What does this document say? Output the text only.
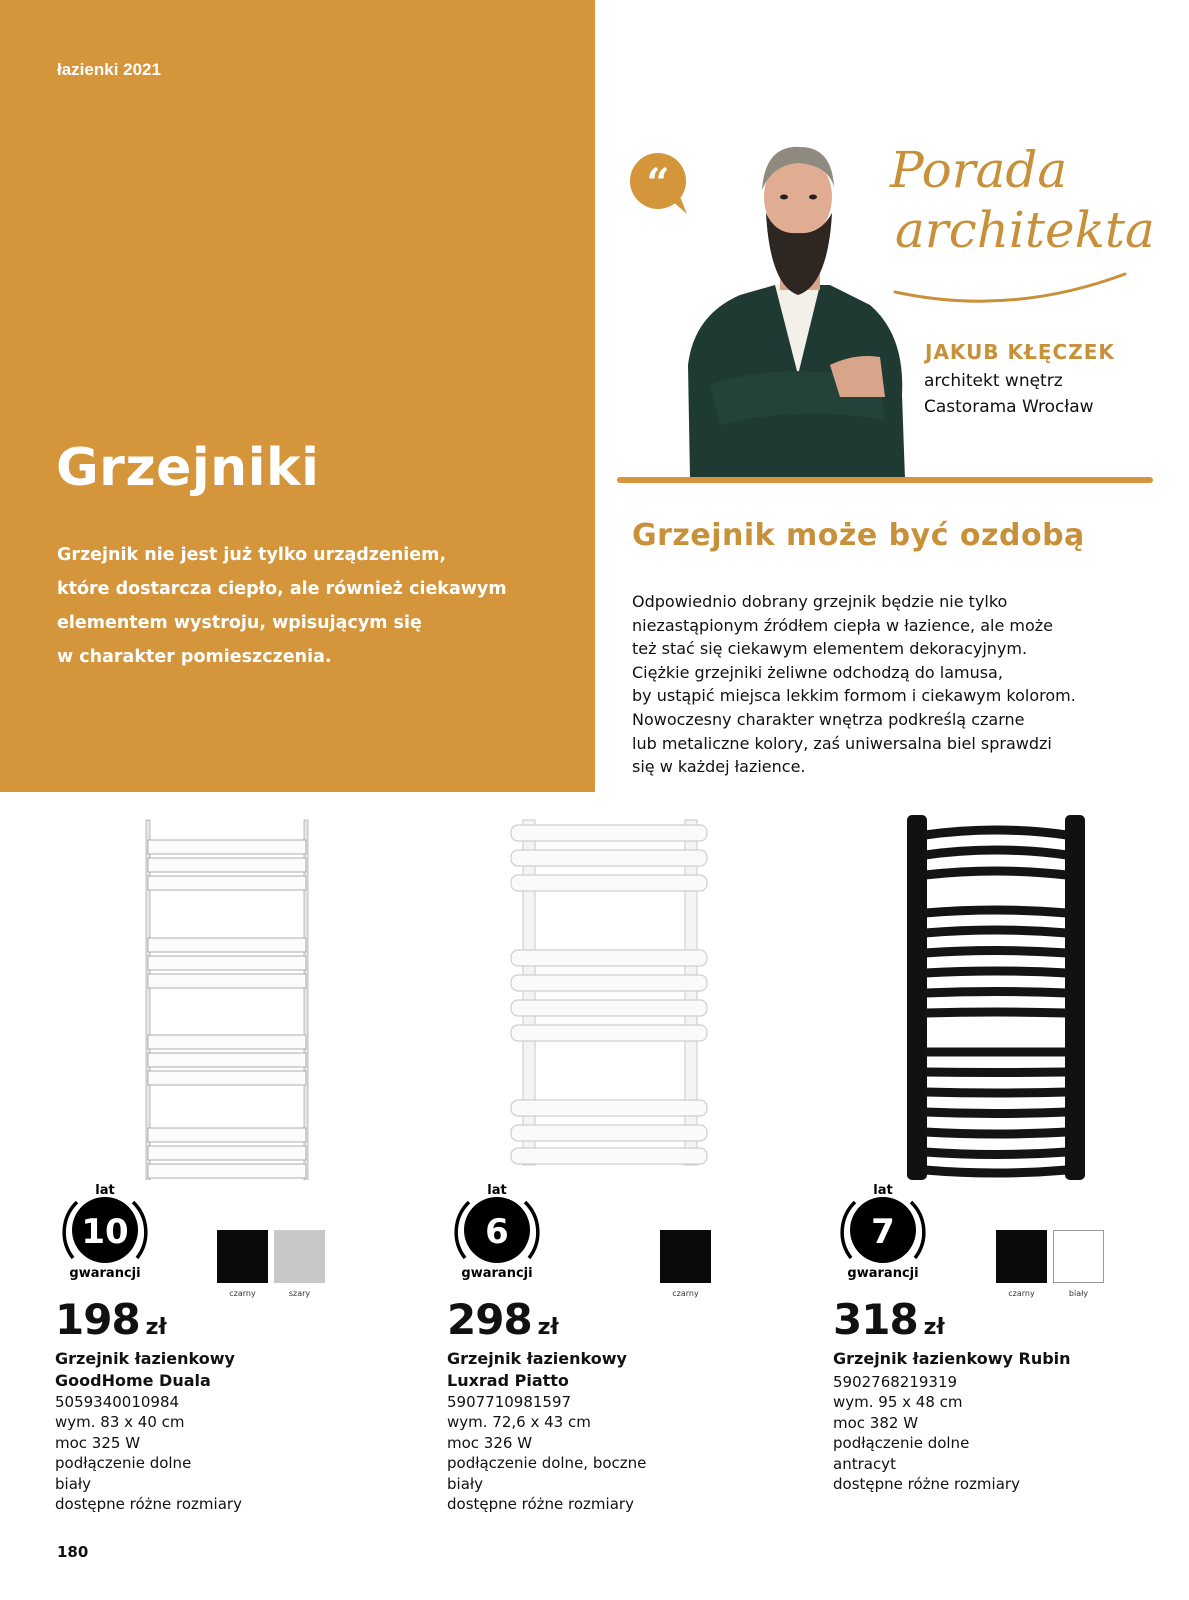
łazienki 2021
Grzejniki
Grzejnik nie jest już tylko urządzeniem,
które dostarcza ciepło, ale również ciekawym
elementem wystroju, wpisującym się
w charakter pomieszczenia.
“	Porada
architekta
JAKUB KŁĘCZEK
architekt wnętrz
Castorama Wrocław
Grzejnik może być ozdobą
Odpowiednio dobrany grzejnik będzie nie tylko
niezastąpionym źródłem ciepła w łazience, ale może
też stać się ciekawym elementem dekoracyjnym.
Ciężkie grzejniki żeliwne odchodzą do lamusa,
by ustąpić miejsca lekkim formom i ciekawym kolorom.
Nowoczesny charakter wnętrza podkreślą czarne
lub metaliczne kolory, zaś uniwersalna biel sprawdzi
się w każdej łazience.
lat
10
gwarancji
czarny	szary
198 zł
Grzejnik łazienkowy
GoodHome Duala
5059340010984
wym. 83 x 40 cm
moc 325 W
podłączenie dolne
biały
dostępne różne rozmiary
lat
6
gwarancji
czarny
298 zł
Grzejnik łazienkowy
Luxrad Piatto
5907710981597
wym. 72,6 x 43 cm
moc 326 W
podłączenie dolne, boczne
biały
dostępne różne rozmiary
lat
7
gwarancji
czarny	biały
318 zł
Grzejnik łazienkowy Rubin
5902768219319
wym. 95 x 48 cm
moc 382 W
podłączenie dolne
antracyt
dostępne różne rozmiary
180
